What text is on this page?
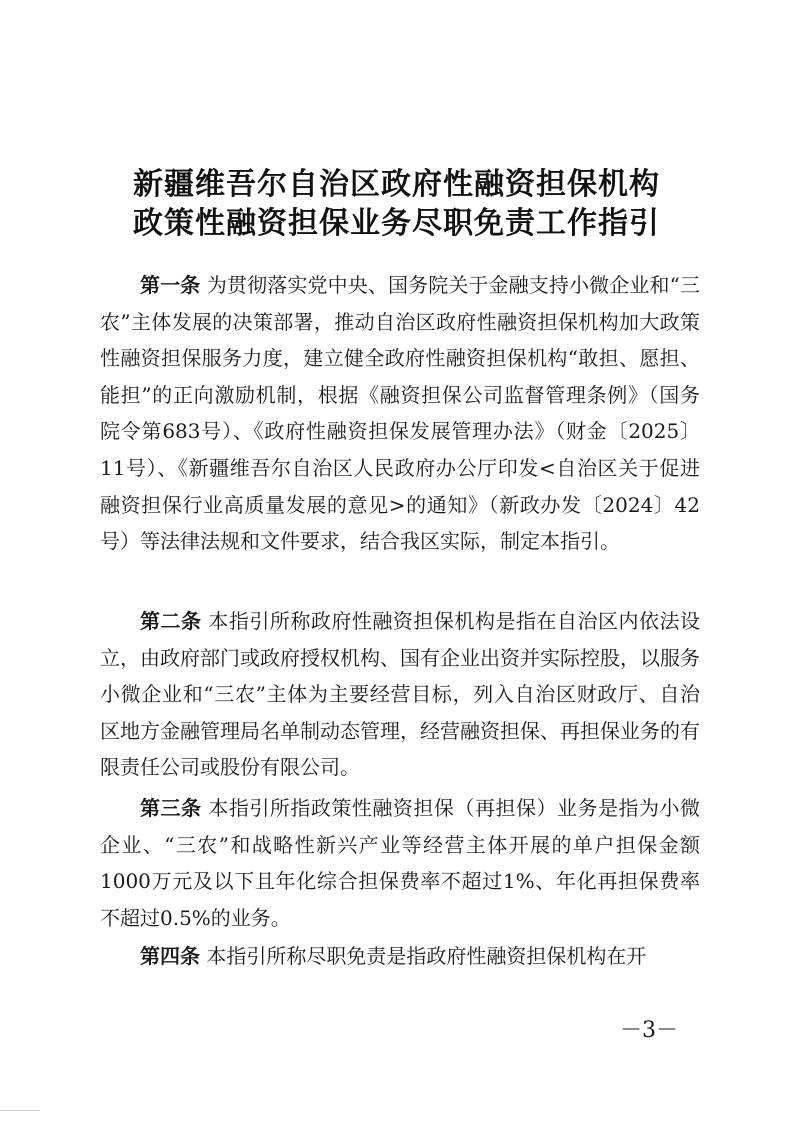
新疆维吾尔自治区政府性融资担保机构
政策性融资担保业务尽职免责工作指引

第一条 为贯彻落实党中央、国务院关于金融支持小微企业和“三农”主体发展的决策部署，推动自治区政府性融资担保机构加大政策性融资担保服务力度，建立健全政府性融资担保机构“敢担、愿担、能担”的正向激励机制，根据《融资担保公司监督管理条例》（国务院令第683号）、《政府性融资担保发展管理办法》（财金〔2025〕11号）、《新疆维吾尔自治区人民政府办公厅印发<自治区关于促进融资担保行业高质量发展的意见>的通知》（新政办发〔2024〕42号）等法律法规和文件要求，结合我区实际，制定本指引。

第二条 本指引所称政府性融资担保机构是指在自治区内依法设立，由政府部门或政府授权机构、国有企业出资并实际控股，以服务小微企业和“三农”主体为主要经营目标，列入自治区财政厅、自治区地方金融管理局名单制动态管理，经营融资担保、再担保业务的有限责任公司或股份有限公司。

第三条 本指引所指政策性融资担保（再担保）业务是指为小微企业、“三农”和战略性新兴产业等经营主体开展的单户担保金额1000万元及以下且年化综合担保费率不超过1%、年化再担保费率不超过0.5%的业务。

第四条 本指引所称尽职免责是指政府性融资担保机构在开

－3－
